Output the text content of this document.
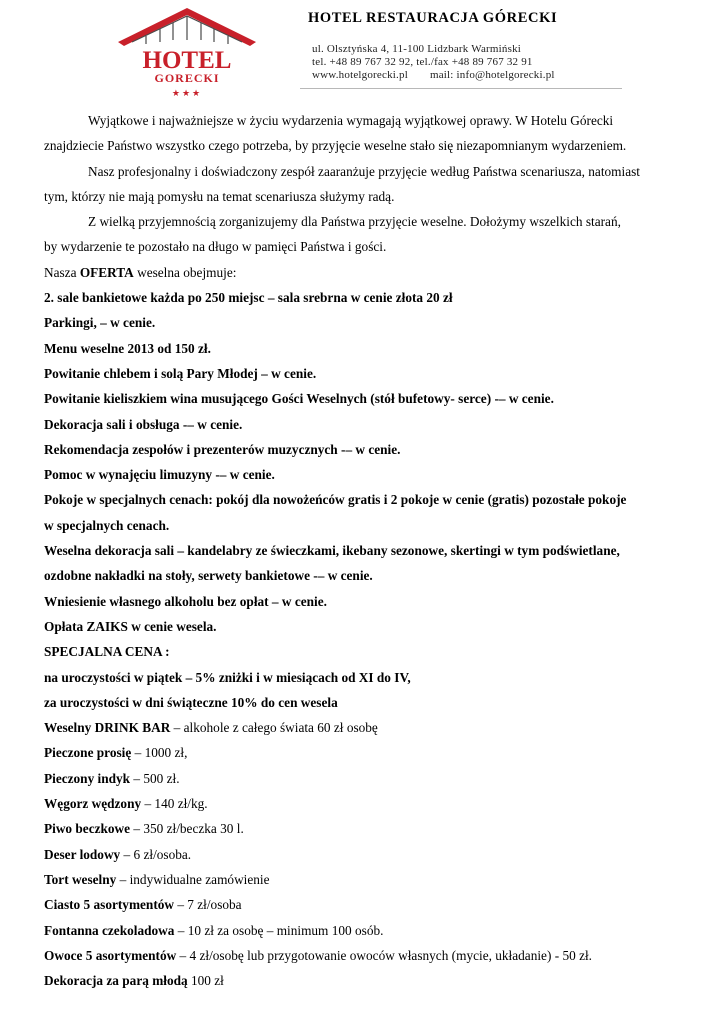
HOTEL
GORECKI
★★★
HOTEL RESTAURACJA GÓRECKI
ul. Olsztyńska 4, 11-100 Lidzbark Warmiński
tel. +48 89 767 32 92, tel./fax +48 89 767 32 91
www.hotelgorecki.pl mail: info@hotelgorecki.pl
Wyjątkowe i najważniejsze w życiu wydarzenia wymagają wyjątkowej oprawy. W Hotelu Górecki
znajdziecie Państwo wszystko czego potrzeba, by przyjęcie weselne stało się niezapomnianym wydarzeniem.
Nasz profesjonalny i doświadczony zespół zaaranżuje przyjęcie według Państwa scenariusza, natomiast
tym, którzy nie mają pomysłu na temat scenariusza służymy radą.
Z wielką przyjemnością zorganizujemy dla Państwa przyjęcie weselne. Dołożymy wszelkich starań,
by wydarzenie te pozostało na długo w pamięci Państwa i gości.
Nasza OFERTA weselna obejmuje:
2. sale bankietowe każda po 250 miejsc – sala srebrna w cenie złota 20 zł
Parkingi, – w cenie.
Menu weselne 2013 od 150 zł.
Powitanie chlebem i solą Pary Młodej – w cenie.
Powitanie kieliszkiem wina musującego Gości Weselnych (stół bufetowy- serce) -– w cenie.
Dekoracja sali i obsługa -– w cenie.
Rekomendacja zespołów i prezenterów muzycznych -– w cenie.
Pomoc w wynajęciu limuzyny -– w cenie.
Pokoje w specjalnych cenach: pokój dla nowożeńców gratis i 2 pokoje w cenie (gratis) pozostałe pokoje
w specjalnych cenach.
Weselna dekoracja sali – kandelabry ze świeczkami, ikebany sezonowe, skertingi w tym podświetlane,
ozdobne nakładki na stoły, serwety bankietowe -– w cenie.
Wniesienie własnego alkoholu bez opłat – w cenie.
Opłata ZAIKS w cenie wesela.
SPECJALNA CENA :
na uroczystości w piątek – 5% zniżki i w miesiącach od XI do IV,
za uroczystości w dni świąteczne 10% do cen wesela
Weselny DRINK BAR – alkohole z całego świata 60 zł osobę
Pieczone prosię – 1000 zł,
Pieczony indyk – 500 zł.
Węgorz wędzony – 140 zł/kg.
Piwo beczkowe – 350 zł/beczka 30 l.
Deser lodowy – 6 zł/osoba.
Tort weselny – indywidualne zamówienie
Ciasto 5 asortymentów – 7 zł/osoba
Fontanna czekoladowa – 10 zł za osobę – minimum 100 osób.
Owoce 5 asortymentów – 4 zł/osobę lub przygotowanie owoców własnych (mycie, układanie) - 50 zł.
Dekoracja za parą młodą 100 zł
